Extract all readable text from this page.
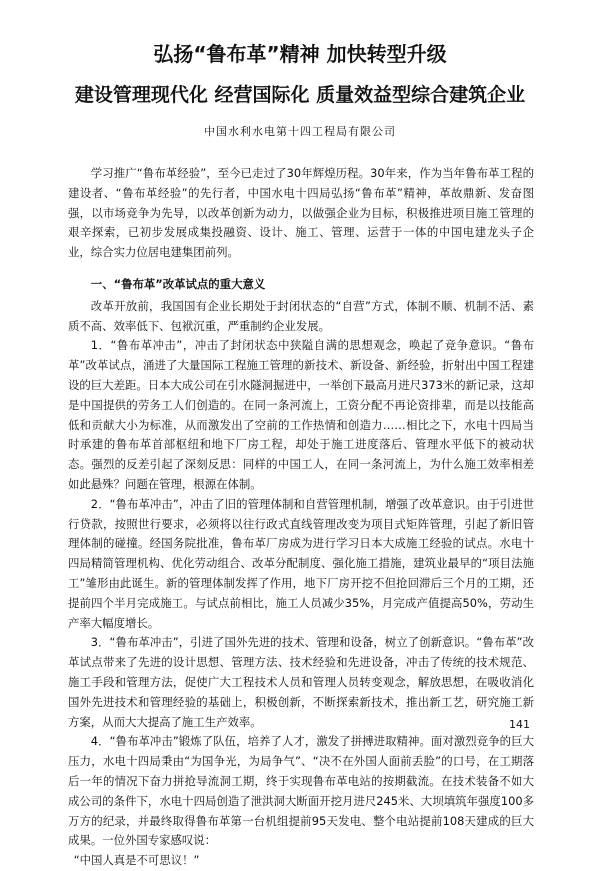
弘扬“鲁布革”精神 加快转型升级
建设管理现代化 经营国际化 质量效益型综合建筑企业
中国水利水电第十四工程局有限公司

学习推广“鲁布革经验”，至今已走过了30年辉煌历程。30年来，作为当年鲁布革工程的建设者、“鲁布革经验”的先行者，中国水电十四局弘扬“鲁布革”精神，革故鼎新、发奋图强，以市场竞争为先导，以改革创新为动力，以做强企业为目标，积极推进项目施工管理的艰辛探索，已初步发展成集投融资、设计、施工、管理、运营于一体的中国电建龙头子企业，综合实力位居电建集团前列。

一、“鲁布革”改革试点的重大意义

改革开放前，我国国有企业长期处于封闭状态的“自营”方式，体制不顺、机制不活、素质不高、效率低下、包袱沉重，严重制约企业发展。

1．“鲁布革冲击”，冲击了封闭状态中狭隘自满的思想观念，唤起了竞争意识。“鲁布革”改革试点，涌进了大量国际工程施工管理的新技术、新设备、新经验，折射出中国工程建设的巨大差距。日本大成公司在引水隧洞掘进中，一举创下最高月进尺373米的新记录，这却是中国提供的劳务工人们创造的。在同一条河流上，工资分配不再论资排辈，而是以技能高低和贡献大小为标准，从而激发出了空前的工作热情和创造力……相比之下，水电十四局当时承建的鲁布革首部枢纽和地下厂房工程，却处于施工进度落后、管理水平低下的被动状态。强烈的反差引起了深刻反思：同样的中国工人，在同一条河流上，为什么施工效率相差如此悬殊？问题在管理，根源在体制。

2．“鲁布革冲击”，冲击了旧的管理体制和自营管理机制，增强了改革意识。由于引进世行贷款，按照世行要求，必须将以往行政式直线管理改变为项目式矩阵管理，引起了新旧管理体制的碰撞。经国务院批准，鲁布革厂房成为进行学习日本大成施工经验的试点。水电十四局精简管理机构、优化劳动组合、改革分配制度、强化施工措施，建筑业最早的“项目法施工”雏形由此诞生。新的管理体制发挥了作用，地下厂房开挖不但抢回滞后三个月的工期，还提前四个半月完成施工。与试点前相比，施工人员减少35%，月完成产值提高50%，劳动生产率大幅度增长。

3．“鲁布革冲击”，引进了国外先进的技术、管理和设备，树立了创新意识。“鲁布革”改革试点带来了先进的设计思想、管理方法、技术经验和先进设备，冲击了传统的技术规范、施工手段和管理方法，促使广大工程技术人员和管理人员转变观念，解放思想，在吸收消化国外先进技术和管理经验的基础上，积极创新，不断探索新技术，推出新工艺，研究施工新方案，从而大大提高了施工生产效率。

4．“鲁布革冲击”锻炼了队伍，培养了人才，激发了拼搏进取精神。面对激烈竞争的巨大压力，水电十四局秉由“为国争光，为局争气”、“决不在外国人面前丢脸”的口号，在工期落后一年的情况下奋力拼抢导流洞工期，终于实现鲁布革电站的按期截流。在技术装备不如大成公司的条件下，水电十四局创造了泄洪洞大断面开挖月进尺245米、大坝填筑年强度100多万方的纪录，并最终取得鲁布革第一台机组提前95天发电、整个电站提前108天建成的巨大成果。一位外国专家感叹说：

“中国人真是不可思议！”

141
